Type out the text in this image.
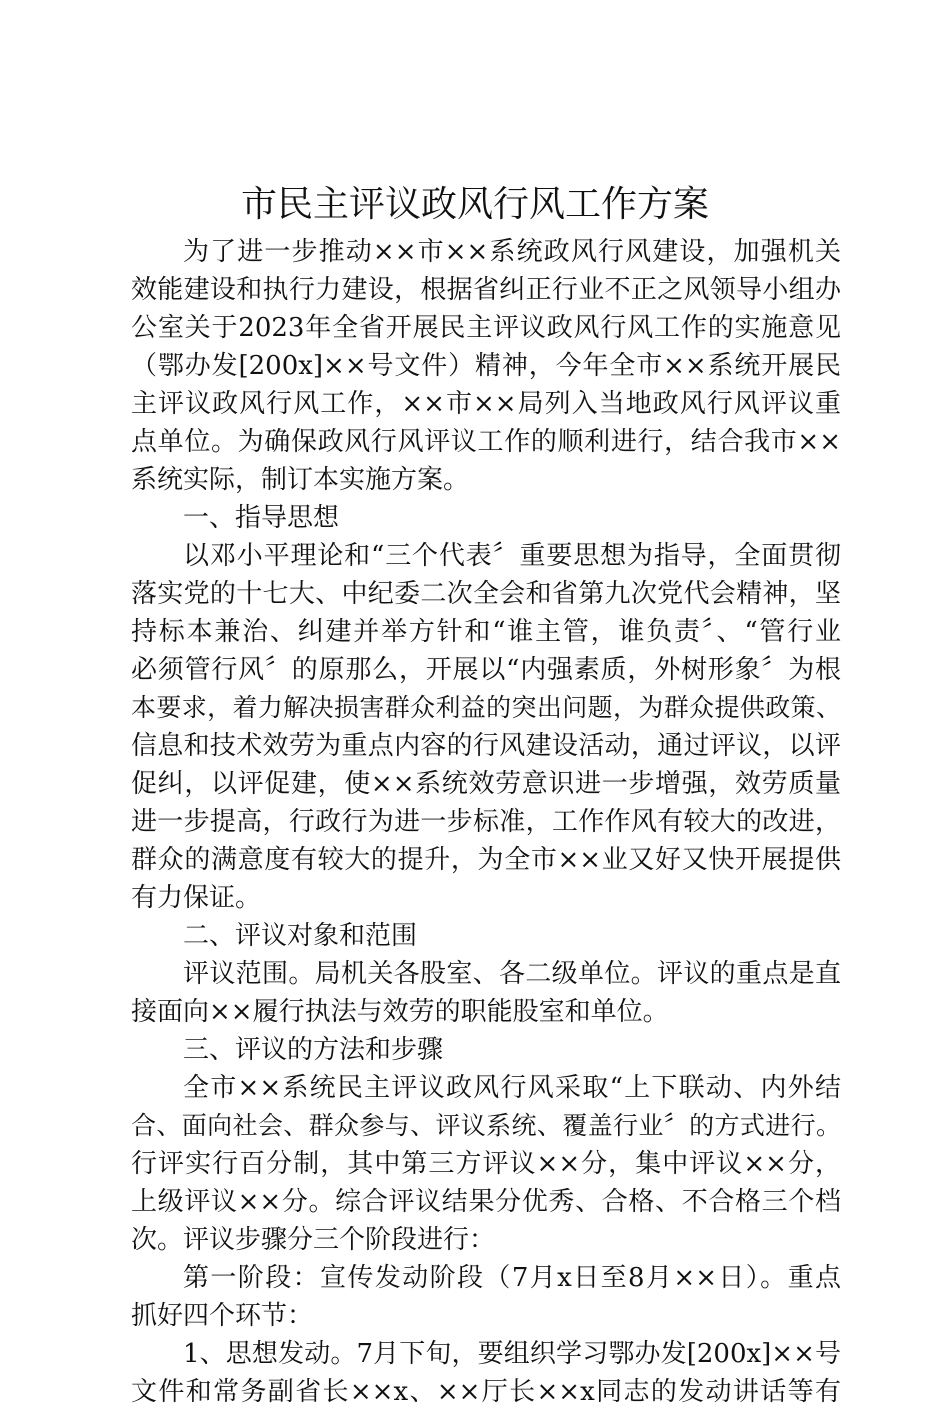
市民主评议政风行风工作方案
为了进一步推动××市××系统政风行风建设，加强机关
效能建设和执行力建设，根据省纠正行业不正之风领导小组办
公室关于2023年全省开展民主评议政风行风工作的实施意见
（鄂办发[200x]××号文件）精神，今年全市××系统开展民
主评议政风行风工作，××市××局列入当地政风行风评议重
点单位。为确保政风行风评议工作的顺利进行，结合我市××
系统实际，制订本实施方案。
一、指导思想
以邓小平理论和“三个代表〞重要思想为指导，全面贯彻
落实党的十七大、中纪委二次全会和省第九次党代会精神，坚
持标本兼治、纠建并举方针和“谁主管，谁负责〞、“管行业
必须管行风〞的原那么，开展以“内强素质，外树形象〞为根
本要求，着力解决损害群众利益的突出问题，为群众提供政策、
信息和技术效劳为重点内容的行风建设活动，通过评议，以评
促纠，以评促建，使××系统效劳意识进一步增强，效劳质量
进一步提高，行政行为进一步标准，工作作风有较大的改进，
群众的满意度有较大的提升，为全市××业又好又快开展提供
有力保证。
二、评议对象和范围
评议范围。局机关各股室、各二级单位。评议的重点是直
接面向××履行执法与效劳的职能股室和单位。
三、评议的方法和步骤
全市××系统民主评议政风行风采取“上下联动、内外结
合、面向社会、群众参与、评议系统、覆盖行业〞的方式进行。
行评实行百分制，其中第三方评议××分，集中评议××分，
上级评议××分。综合评议结果分优秀、合格、不合格三个档
次。评议步骤分三个阶段进行：
第一阶段：宣传发动阶段（7月x日至8月××日）。重点
抓好四个环节：
1、思想发动。7月下旬，要组织学习鄂办发[200x]××号
文件和常务副省长××x、××厅长××x同志的发动讲话等有
